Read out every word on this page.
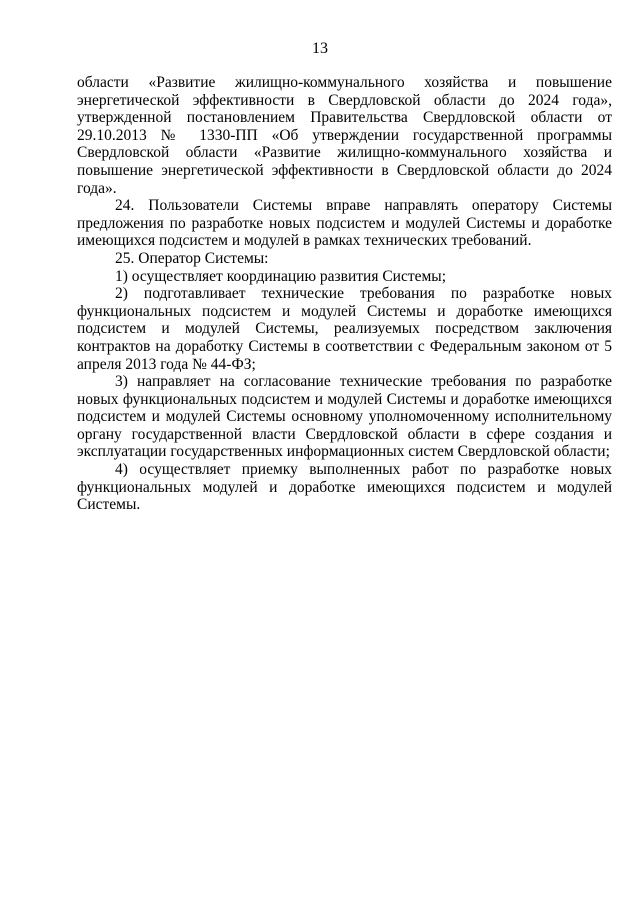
13

области «Развитие жилищно-коммунального хозяйства и повышение энергетической эффективности в Свердловской области до 2024 года», утвержденной постановлением Правительства Свердловской области от 29.10.2013 № 1330-ПП «Об утверждении государственной программы Свердловской области «Развитие жилищно-коммунального хозяйства и повышение энергетической эффективности в Свердловской области до 2024 года».

24. Пользователи Системы вправе направлять оператору Системы предложения по разработке новых подсистем и модулей Системы и доработке имеющихся подсистем и модулей в рамках технических требований.

25. Оператор Системы:

1) осуществляет координацию развития Системы;

2) подготавливает технические требования по разработке новых функциональных подсистем и модулей Системы и доработке имеющихся подсистем и модулей Системы, реализуемых посредством заключения контрактов на доработку Системы в соответствии с Федеральным законом от 5 апреля 2013 года № 44-ФЗ;

3) направляет на согласование технические требования по разработке новых функциональных подсистем и модулей Системы и доработке имеющихся подсистем и модулей Системы основному уполномоченному исполнительному органу государственной власти Свердловской области в сфере создания и эксплуатации государственных информационных систем Свердловской области;

4) осуществляет приемку выполненных работ по разработке новых функциональных модулей и доработке имеющихся подсистем и модулей Системы.
